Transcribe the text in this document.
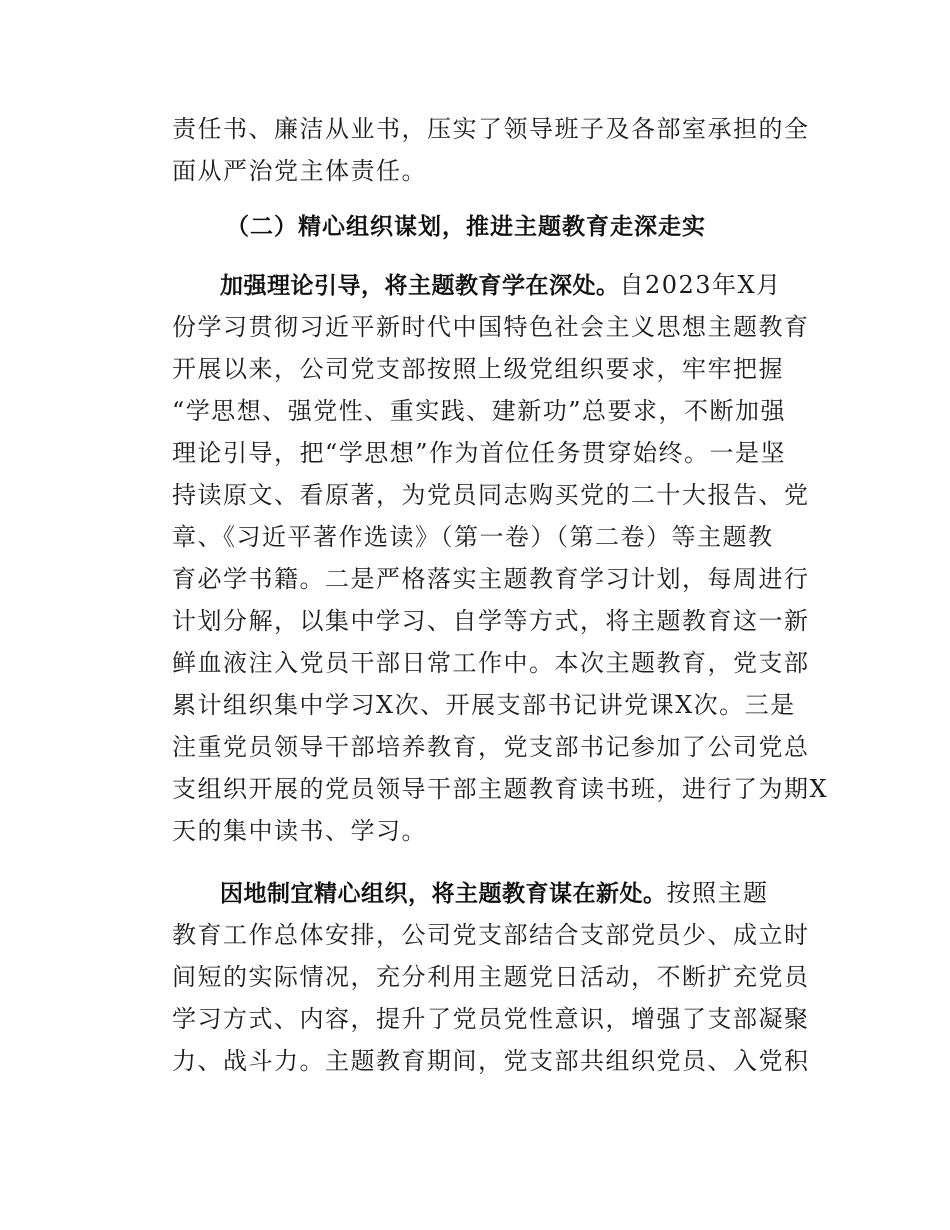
责任书、廉洁从业书，压实了领导班子及各部室承担的全
面从严治党主体责任。
（二）精心组织谋划，推进主题教育走深走实
加强理论引导，将主题教育学在深处。自2023年X月
份学习贯彻习近平新时代中国特色社会主义思想主题教育
开展以来，公司党支部按照上级党组织要求，牢牢把握
“学思想、强党性、重实践、建新功”总要求，不断加强
理论引导，把“学思想”作为首位任务贯穿始终。一是坚
持读原文、看原著，为党员同志购买党的二十大报告、党
章、《习近平著作选读》（第一卷）（第二卷）等主题教
育必学书籍。二是严格落实主题教育学习计划，每周进行
计划分解，以集中学习、自学等方式，将主题教育这一新
鲜血液注入党员干部日常工作中。本次主题教育，党支部
累计组织集中学习X次、开展支部书记讲党课X次。三是
注重党员领导干部培养教育，党支部书记参加了公司党总
支组织开展的党员领导干部主题教育读书班，进行了为期X
天的集中读书、学习。
因地制宜精心组织，将主题教育谋在新处。按照主题
教育工作总体安排，公司党支部结合支部党员少、成立时
间短的实际情况，充分利用主题党日活动，不断扩充党员
学习方式、内容，提升了党员党性意识，增强了支部凝聚
力、战斗力。主题教育期间，党支部共组织党员、入党积
